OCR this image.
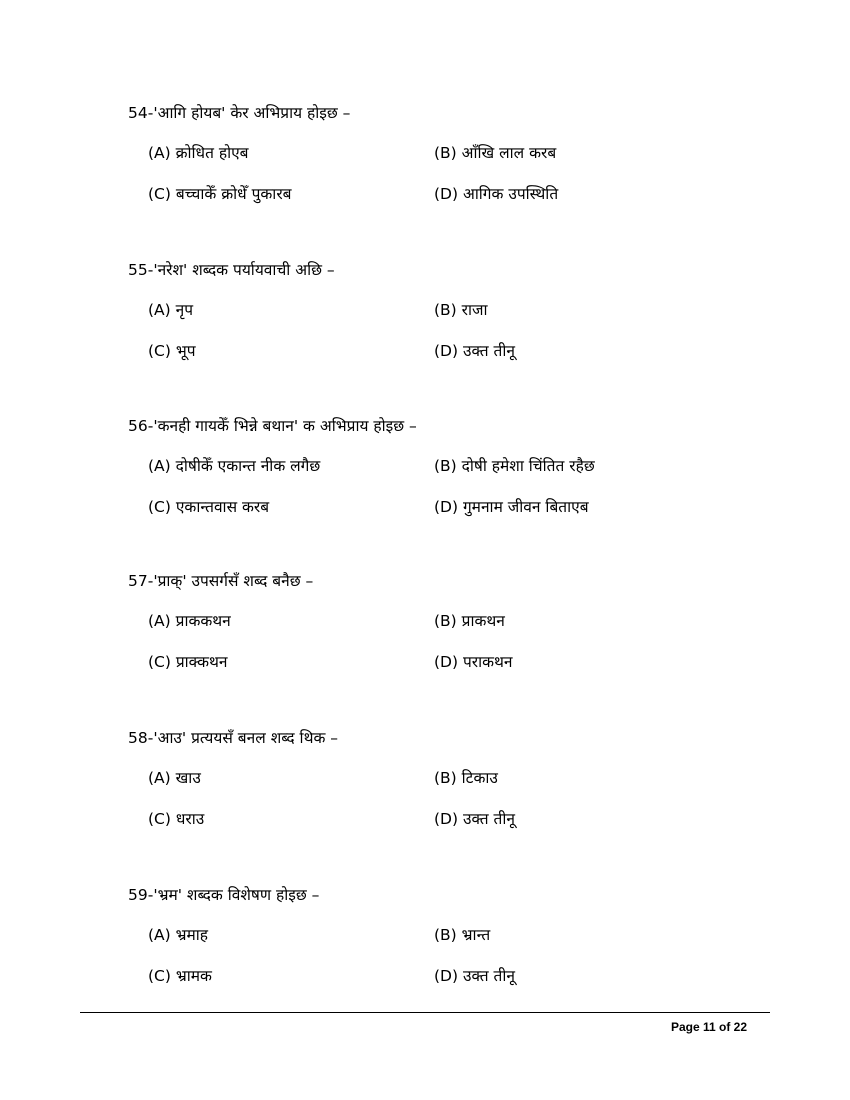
54-'आगि होयब' केर अभिप्राय होइछ –
(A) क्रोधित होएब	(B) आँखि लाल करब
(C) बच्चाकेँ क्रोधेँ पुकारब	(D) आगिक उपस्थिति
55-'नरेश' शब्दक पर्यायवाची अछि –
(A) नृप	(B) राजा
(C) भूप	(D) उक्त तीनू
56-'कनही गायकेँ भिन्ने बथान' क अभिप्राय होइछ –
(A) दोषीकेँ एकान्त नीक लगैछ	(B) दोषी हमेशा चिंतित रहैछ
(C) एकान्तवास करब	(D) गुमनाम जीवन बिताएब
57-'प्राक्' उपसर्गसँ शब्द बनैछ –
(A) प्राककथन	(B) प्राकथन
(C) प्राक्कथन	(D) पराकथन
58-'आउ' प्रत्ययसँ बनल शब्द थिक –
(A) खाउ	(B) टिकाउ
(C) धराउ	(D) उक्त तीनू
59-'भ्रम' शब्दक विशेषण होइछ –
(A) भ्रमाह	(B) भ्रान्त
(C) भ्रामक	(D) उक्त तीनू
Page 11 of 22
